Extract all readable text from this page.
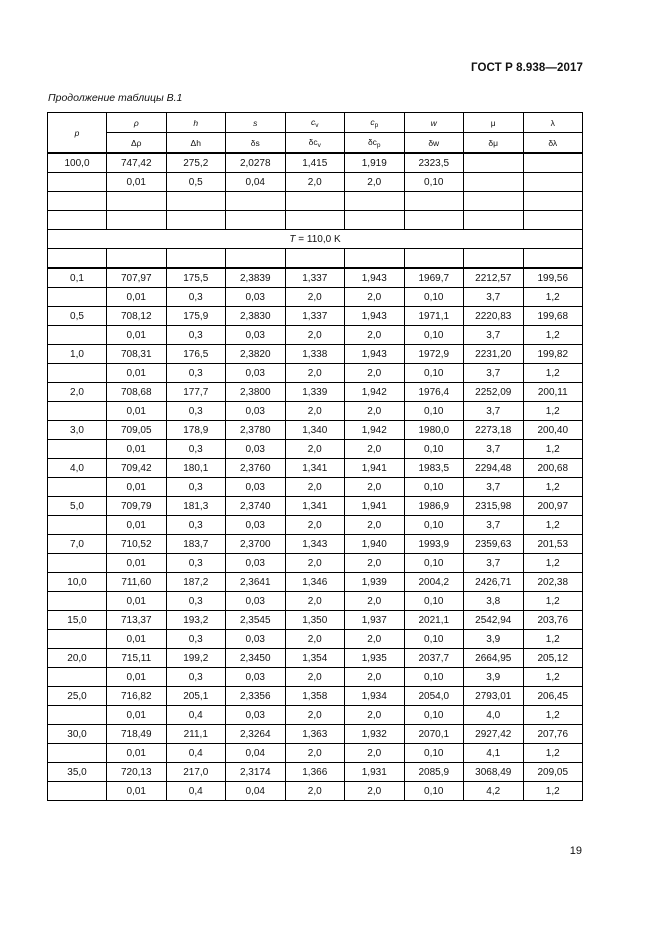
ГОСТ Р 8.938—2017
Продолжение таблицы В.1
p	ρ	h	s	$c_v$	$c_p$	w	μ	λ
	Δρ	Δh	δs	$\delta c_v$	$\delta c_p$	δw	δμ	δλ
100,0	747,42	275,2	2,0278	1,415	1,919	2323,5		
	0,01	0,5	0,04	2,0	2,0	0,10		

T = 110,0 K								

0,1	707,97	175,5	2,3839	1,337	1,943	1969,7	2212,57	199,56
	0,01	0,3	0,03	2,0	2,0	0,10	3,7	1,2
0,5	708,12	175,9	2,3830	1,337	1,943	1971,1	2220,83	199,68
	0,01	0,3	0,03	2,0	2,0	0,10	3,7	1,2
1,0	708,31	176,5	2,3820	1,338	1,943	1972,9	2231,20	199,82
	0,01	0,3	0,03	2,0	2,0	0,10	3,7	1,2
2,0	708,68	177,7	2,3800	1,339	1,942	1976,4	2252,09	200,11
	0,01	0,3	0,03	2,0	2,0	0,10	3,7	1,2
3,0	709,05	178,9	2,3780	1,340	1,942	1980,0	2273,18	200,40
	0,01	0,3	0,03	2,0	2,0	0,10	3,7	1,2
4,0	709,42	180,1	2,3760	1,341	1,941	1983,5	2294,48	200,68
	0,01	0,3	0,03	2,0	2,0	0,10	3,7	1,2
5,0	709,79	181,3	2,3740	1,341	1,941	1986,9	2315,98	200,97
	0,01	0,3	0,03	2,0	2,0	0,10	3,7	1,2
7,0	710,52	183,7	2,3700	1,343	1,940	1993,9	2359,63	201,53
	0,01	0,3	0,03	2,0	2,0	0,10	3,7	1,2
10,0	711,60	187,2	2,3641	1,346	1,939	2004,2	2426,71	202,38
	0,01	0,3	0,03	2,0	2,0	0,10	3,8	1,2
15,0	713,37	193,2	2,3545	1,350	1,937	2021,1	2542,94	203,76
	0,01	0,3	0,03	2,0	2,0	0,10	3,9	1,2
20,0	715,11	199,2	2,3450	1,354	1,935	2037,7	2664,95	205,12
	0,01	0,3	0,03	2,0	2,0	0,10	3,9	1,2
25,0	716,82	205,1	2,3356	1,358	1,934	2054,0	2793,01	206,45
	0,01	0,4	0,03	2,0	2,0	0,10	4,0	1,2
30,0	718,49	211,1	2,3264	1,363	1,932	2070,1	2927,42	207,76
	0,01	0,4	0,04	2,0	2,0	0,10	4,1	1,2
35,0	720,13	217,0	2,3174	1,366	1,931	2085,9	3068,49	209,05
	0,01	0,4	0,04	2,0	2,0	0,10	4,2	1,2
19
